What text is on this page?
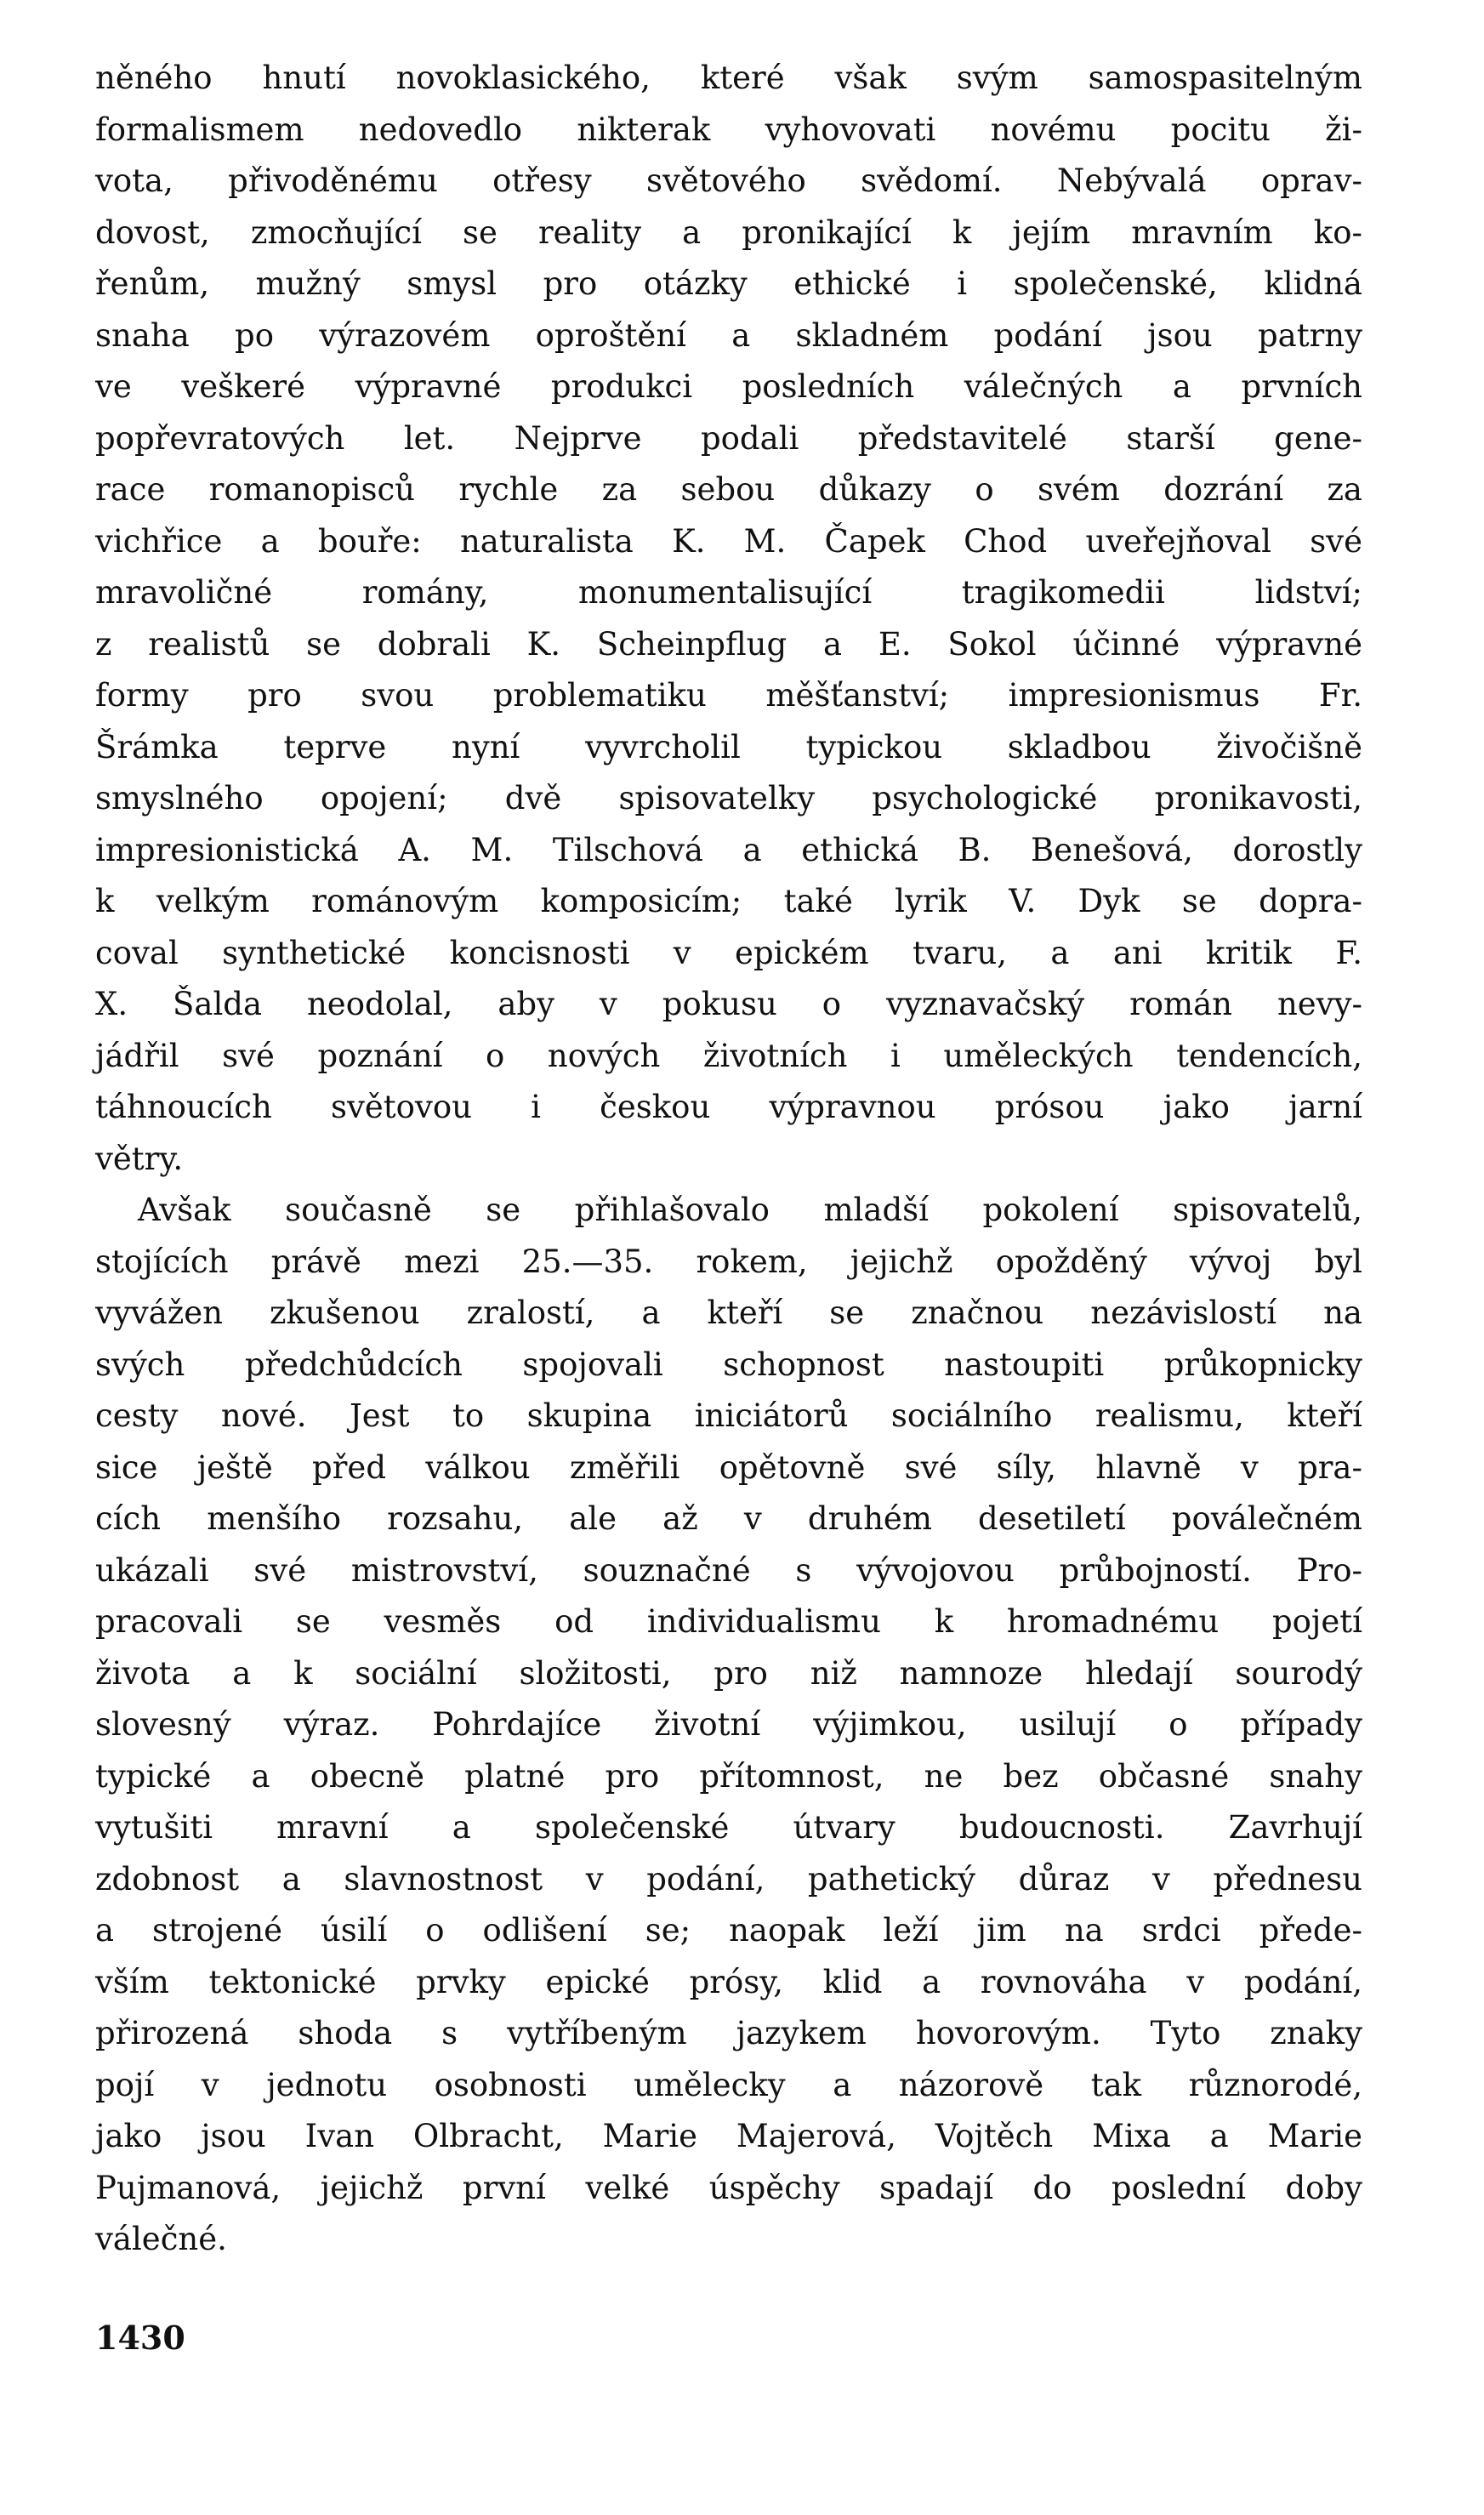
něného hnutí novoklasického, které však svým samospasitelným
formalismem nedovedlo nikterak vyhovovati novému pocitu ži-
vota, přivoděnému otřesy světového svědomí. Nebývalá oprav-
dovost, zmocňující se reality a pronikající k jejím mravním ko-
řenům, mužný smysl pro otázky ethické i společenské, klidná
snaha po výrazovém oproštění a skladném podání jsou patrny
ve veškeré výpravné produkci posledních válečných a prvních
popřevratových let. Nejprve podali představitelé starší gene-
race romanopisců rychle za sebou důkazy o svém dozrání za
vichřice a bouře: naturalista K. M. Čapek Chod uveřejňoval své
mravoličné romány, monumentalisující tragikomedii lidství;
z realistů se dobrali K. Scheinpflug a E. Sokol účinné výpravné
formy pro svou problematiku měšťanství; impresionismus Fr.
Šrámka teprve nyní vyvrcholil typickou skladbou živočišně
smyslného opojení; dvě spisovatelky psychologické pronikavosti,
impresionistická A. M. Tilschová a ethická B. Benešová, dorostly
k velkým románovým komposicím; také lyrik V. Dyk se dopra-
coval synthetické koncisnosti v epickém tvaru, a ani kritik F.
X. Šalda neodolal, aby v pokusu o vyznavačský román nevy-
jádřil své poznání o nových životních i uměleckých tendencích,
táhnoucích světovou i českou výpravnou prósou jako jarní
větry.
Avšak současně se přihlašovalo mladší pokolení spisovatelů,
stojících právě mezi 25.—35. rokem, jejichž opožděný vývoj byl
vyvážen zkušenou zralostí, a kteří se značnou nezávislostí na
svých předchůdcích spojovali schopnost nastoupiti průkopnicky
cesty nové. Jest to skupina iniciátorů sociálního realismu, kteří
sice ještě před válkou změřili opětovně své síly, hlavně v pra-
cích menšího rozsahu, ale až v druhém desetiletí poválečném
ukázali své mistrovství, souznačné s vývojovou průbojností. Pro-
pracovali se vesměs od individualismu k hromadnému pojetí
života a k sociální složitosti, pro niž namnoze hledají sourodý
slovesný výraz. Pohrdajíce životní výjimkou, usilují o případy
typické a obecně platné pro přítomnost, ne bez občasné snahy
vytušiti mravní a společenské útvary budoucnosti. Zavrhují
zdobnost a slavnostnost v podání, pathetický důraz v přednesu
a strojené úsilí o odlišení se; naopak leží jim na srdci přede-
vším tektonické prvky epické prósy, klid a rovnováha v podání,
přirozená shoda s vytříbeným jazykem hovorovým. Tyto znaky
pojí v jednotu osobnosti umělecky a názorově tak různorodé,
jako jsou Ivan Olbracht, Marie Majerová, Vojtěch Mixa a Marie
Pujmanová, jejichž první velké úspěchy spadají do poslední doby
válečné.
1430
